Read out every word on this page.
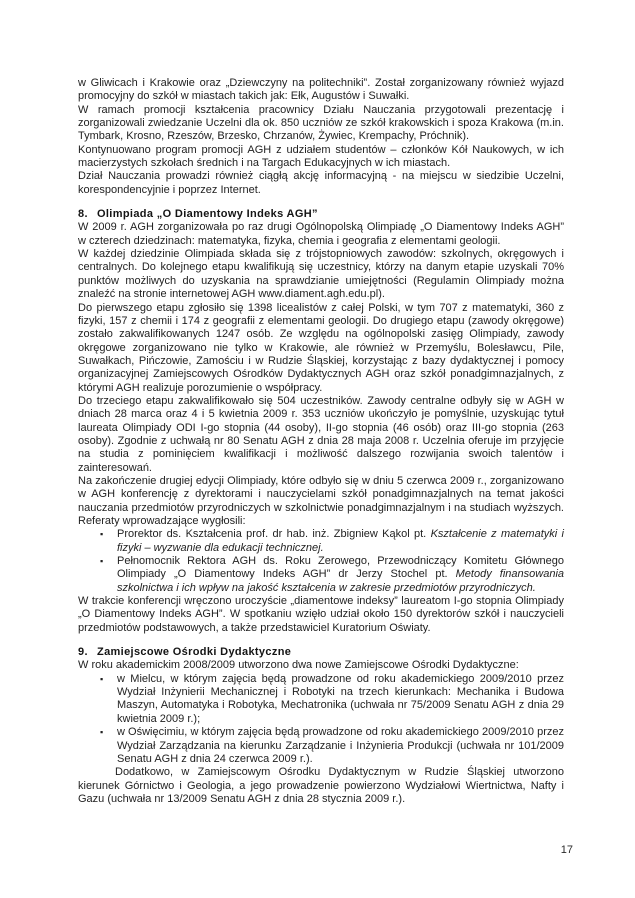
w Gliwicach i Krakowie oraz „Dziewczyny na politechniki”. Został zorganizowany również wyjazd promocyjny do szkół w miastach takich jak: Ełk, Augustów i Suwałki.

W ramach promocji kształcenia pracownicy Działu Nauczania przygotowali prezentację i zorganizowali zwiedzanie Uczelni dla ok. 850 uczniów ze szkół krakowskich i spoza Krakowa (m.in. Tymbark, Krosno, Rzeszów, Brzesko, Chrzanów, Żywiec, Krempachy, Próchnik).

Kontynuowano program promocji AGH z udziałem studentów – członków Kół Naukowych, w ich macierzystych szkołach średnich i na Targach Edukacyjnych w ich miastach.

Dział Nauczania prowadzi również ciągłą akcję informacyjną - na miejscu w siedzibie Uczelni, korespondencyjnie i poprzez Internet.

8. Olimpiada „O Diamentowy Indeks AGH”

W 2009 r. AGH zorganizowała po raz drugi Ogólnopolską Olimpiadę „O Diamentowy Indeks AGH” w czterech dziedzinach: matematyka, fizyka, chemia i geografia z elementami geologii.

W każdej dziedzinie Olimpiada składa się z trójstopniowych zawodów: szkolnych, okręgowych i centralnych. Do kolejnego etapu kwalifikują się uczestnicy, którzy na danym etapie uzyskali 70% punktów możliwych do uzyskania na sprawdzianie umiejętności (Regulamin Olimpiady można znaleźć na stronie internetowej AGH www.diament.agh.edu.pl).

Do pierwszego etapu zgłosiło się 1398 licealistów z całej Polski, w tym 707 z matematyki, 360 z fizyki, 157 z chemii i 174 z geografii z elementami geologii. Do drugiego etapu (zawody okręgowe) zostało zakwalifikowanych 1247 osób. Ze względu na ogólnopolski zasięg Olimpiady, zawody okręgowe zorganizowano nie tylko w Krakowie, ale również w Przemyślu, Bolesławcu, Pile, Suwałkach, Pińczowie, Zamościu i w Rudzie Śląskiej, korzystając z bazy dydaktycznej i pomocy organizacyjnej Zamiejscowych Ośrodków Dydaktycznych AGH oraz szkół ponadgimnazjalnych, z którymi AGH realizuje porozumienie o współpracy.

Do trzeciego etapu zakwalifikowało się 504 uczestników. Zawody centralne odbyły się w AGH w dniach 28 marca oraz 4 i 5 kwietnia 2009 r. 353 uczniów ukończyło je pomyślnie, uzyskując tytuł laureata Olimpiady ODI I-go stopnia (44 osoby), II-go stopnia (46 osób) oraz III-go stopnia (263 osoby). Zgodnie z uchwałą nr 80 Senatu AGH z dnia 28 maja 2008 r. Uczelnia oferuje im przyjęcie na studia z pominięciem kwalifikacji i możliwość dalszego rozwijania swoich talentów i zainteresowań.

Na zakończenie drugiej edycji Olimpiady, które odbyło się w dniu 5 czerwca 2009 r., zorganizowano w AGH konferencję z dyrektorami i nauczycielami szkół ponadgimnazjalnych na temat jakości nauczania przedmiotów przyrodniczych w szkolnictwie ponadgimnazjalnym i na studiach wyższych. Referaty wprowadzające wygłosili:

▪	Prorektor ds. Kształcenia prof. dr hab. inż. Zbigniew Kąkol pt. Kształcenie z matematyki i fizyki – wyzwanie dla edukacji technicznej.
▪	Pełnomocnik Rektora AGH ds. Roku Zerowego, Przewodniczący Komitetu Głównego Olimpiady „O Diamentowy Indeks AGH” dr Jerzy Stochel pt. Metody finansowania szkolnictwa i ich wpływ na jakość kształcenia w zakresie przedmiotów przyrodniczych.

W trakcie konferencji wręczono uroczyście „diamentowe indeksy” laureatom I-go stopnia Olimpiady „O Diamentowy Indeks AGH”. W spotkaniu wzięło udział około 150 dyrektorów szkół i nauczycieli przedmiotów podstawowych, a także przedstawiciel Kuratorium Oświaty.

9. Zamiejscowe Ośrodki Dydaktyczne

W roku akademickim 2008/2009 utworzono dwa nowe Zamiejscowe Ośrodki Dydaktyczne:

▪	w Mielcu, w którym zajęcia będą prowadzone od roku akademickiego 2009/2010 przez Wydział Inżynierii Mechanicznej i Robotyki na trzech kierunkach: Mechanika i Budowa Maszyn, Automatyka i Robotyka, Mechatronika (uchwała nr 75/2009 Senatu AGH z dnia 29 kwietnia 2009 r.);
▪	w Oświęcimiu, w którym zajęcia będą prowadzone od roku akademickiego 2009/2010 przez Wydział Zarządzania na kierunku Zarządzanie i Inżynieria Produkcji (uchwała nr 101/2009 Senatu AGH z dnia 24 czerwca 2009 r.).

Dodatkowo, w Zamiejscowym Ośrodku Dydaktycznym w Rudzie Śląskiej utworzono kierunek Górnictwo i Geologia, a jego prowadzenie powierzono Wydziałowi Wiertnictwa, Nafty i Gazu (uchwała nr 13/2009 Senatu AGH z dnia 28 stycznia 2009 r.).

17
